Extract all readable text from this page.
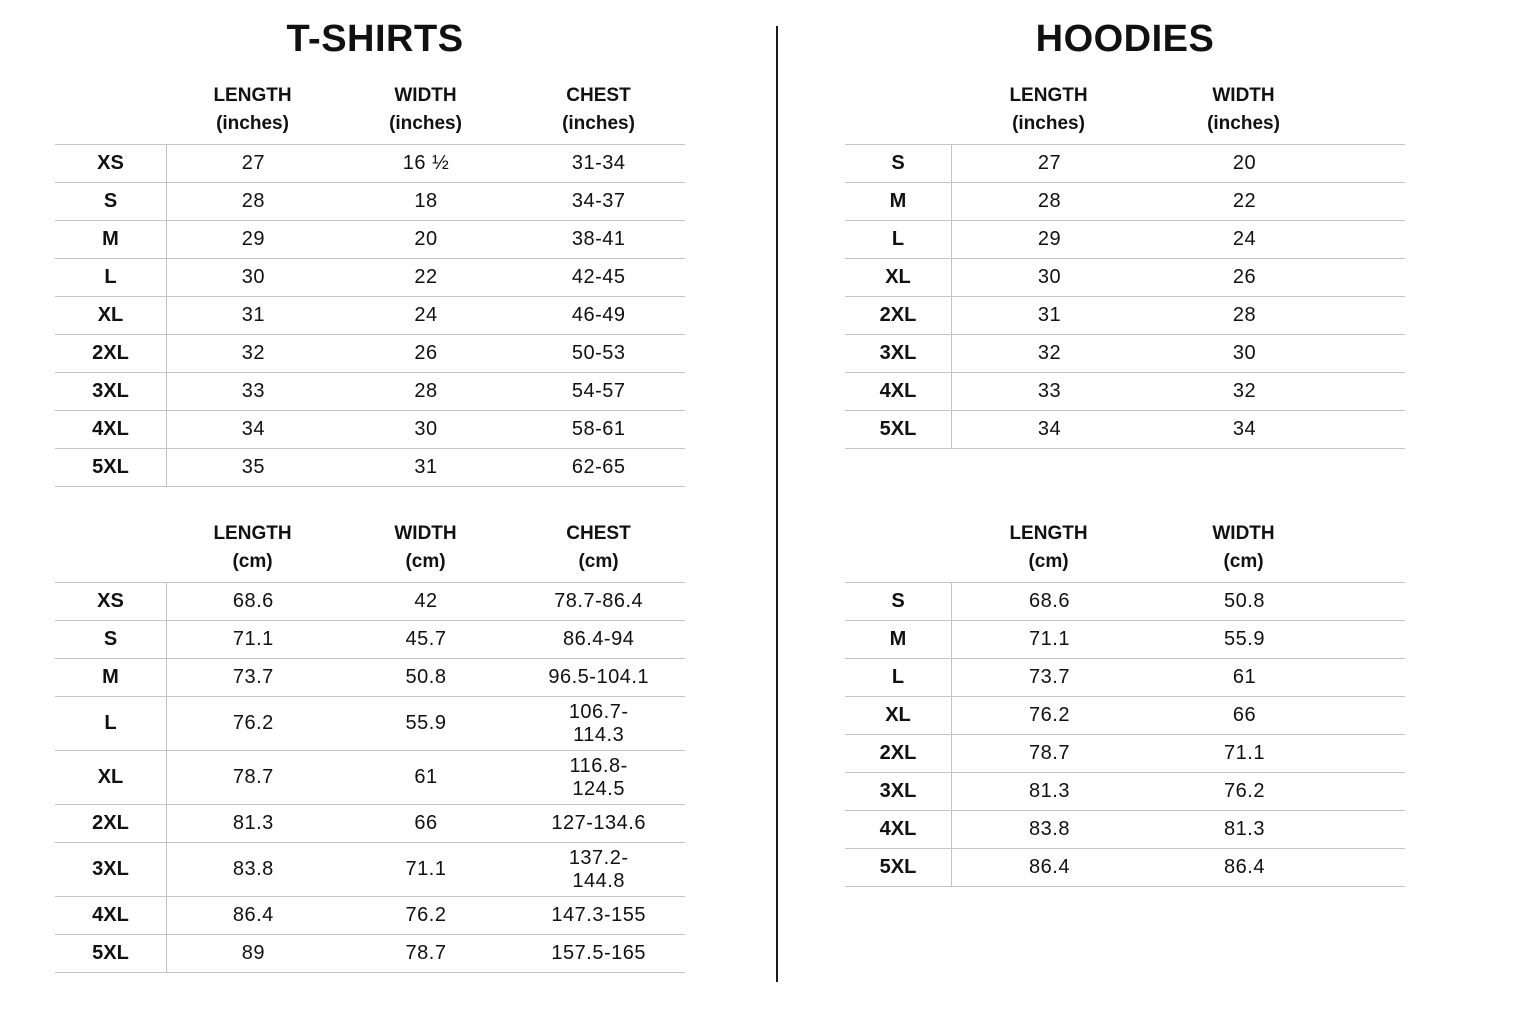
T-SHIRTS	HOODIES
LENGTH
(inches)
WIDTH
(inches)
CHEST
(inches)
XS	27	16 ½	31-34
S	28	18	34-37
M	29	20	38-41
L	30	22	42-45
XL	31	24	46-49
2XL	32	26	50-53
3XL	33	28	54-57
4XL	34	30	58-61
5XL	35	31	62-65
LENGTH
(cm)
WIDTH
(cm)
CHEST
(cm)
XS	68.6	42	78.7-86.4
S	71.1	45.7	86.4-94
M	73.7	50.8	96.5-104.1
L	76.2	55.9
106.7-114.3
XL	78.7	61
116.8-124.5
2XL	81.3	66	127-134.6
3XL	83.8	71.1
137.2-144.8
4XL	86.4	76.2	147.3-155
5XL	89	78.7	157.5-165
LENGTH
(inches)
WIDTH
(inches)
S	27	20
M	28	22
L	29	24
XL	30	26
2XL	31	28
3XL	32	30
4XL	33	32
5XL	34	34
LENGTH
(cm)
WIDTH
(cm)
S	68.6	50.8
M	71.1	55.9
L	73.7	61
XL	76.2	66
2XL	78.7	71.1
3XL	81.3	76.2
4XL	83.8	81.3
5XL	86.4	86.4
